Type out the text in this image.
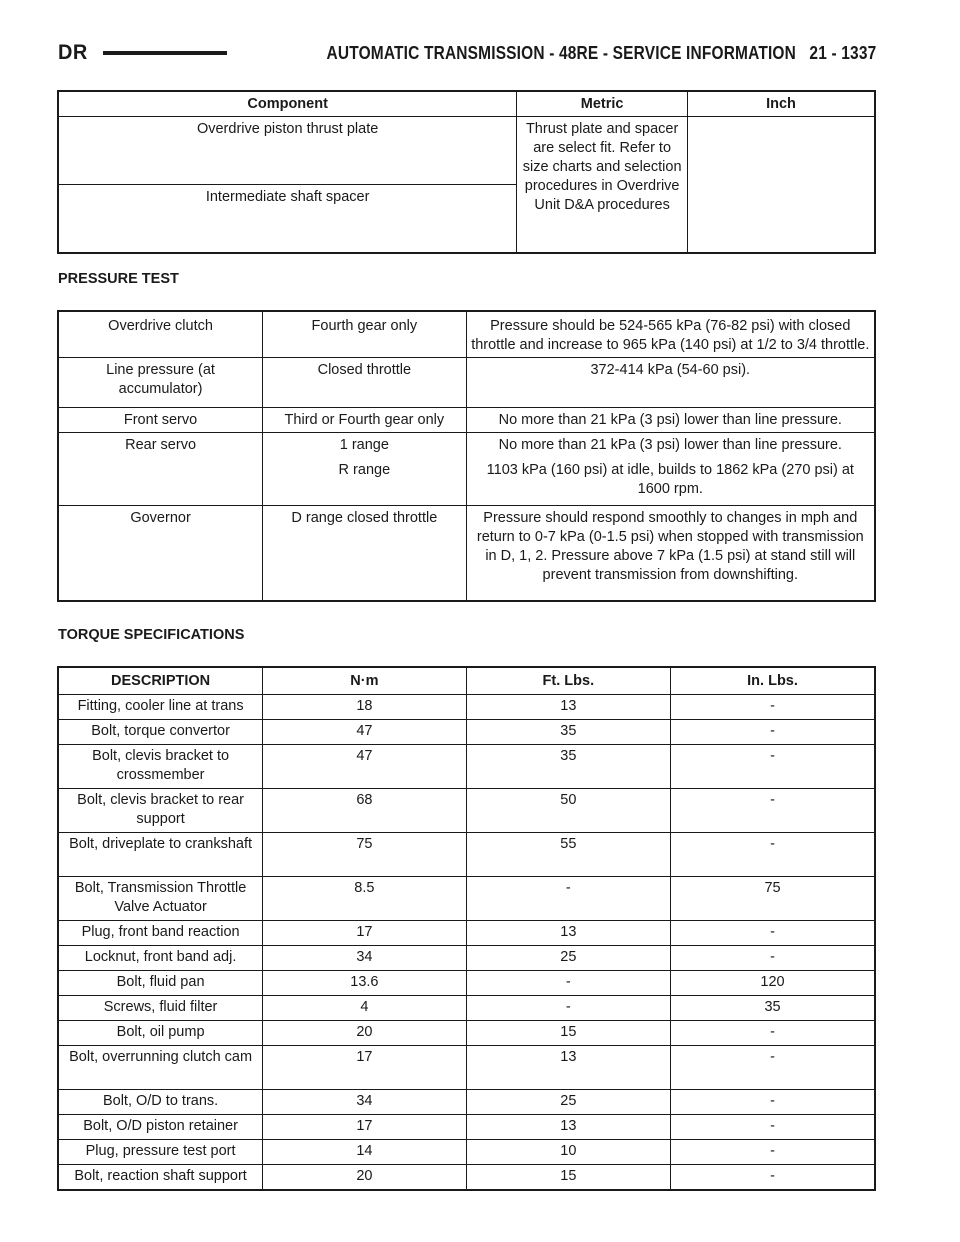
DR	AUTOMATIC TRANSMISSION - 48RE - SERVICE INFORMATION 21 - 1337
Component	Metric	Inch
Overdrive piston thrust plate	Thrust plate and spacer are select fit. Refer to size charts and selection procedures in Overdrive Unit D&A procedures	
Intermediate shaft spacer		
PRESSURE TEST
Overdrive clutch	Fourth gear only	Pressure should be 524-565 kPa (76-82 psi) with closed throttle and increase to 965 kPa (140 psi) at 1/2 to 3/4 throttle.
Line pressure (at accumulator)	Closed throttle	372-414 kPa (54-60 psi).
Front servo	Third or Fourth gear only	No more than 21 kPa (3 psi) lower than line pressure.
Rear servo	1 range	No more than 21 kPa (3 psi) lower than line pressure.
	R range	1103 kPa (160 psi) at idle, builds to 1862 kPa (270 psi) at 1600 rpm.
Governor	D range closed throttle	Pressure should respond smoothly to changes in mph and return to 0-7 kPa (0-1.5 psi) when stopped with transmission in D, 1, 2. Pressure above 7 kPa (1.5 psi) at stand still will prevent transmission from downshifting.
TORQUE SPECIFICATIONS
DESCRIPTION	N·m	Ft. Lbs.	In. Lbs.
Fitting, cooler line at trans	18	13	-
Bolt, torque convertor	47	35	-
Bolt, clevis bracket to crossmember	47	35	-
Bolt, clevis bracket to rear support	68	50	-
Bolt, driveplate to crankshaft	75	55	-
Bolt, Transmission Throttle Valve Actuator	8.5	-	75
Plug, front band reaction	17	13	-
Locknut, front band adj.	34	25	-
Bolt, fluid pan	13.6	-	120
Screws, fluid filter	4	-	35
Bolt, oil pump	20	15	-
Bolt, overrunning clutch cam	17	13	-
Bolt, O/D to trans.	34	25	-
Bolt, O/D piston retainer	17	13	-
Plug, pressure test port	14	10	-
Bolt, reaction shaft support	20	15	-
